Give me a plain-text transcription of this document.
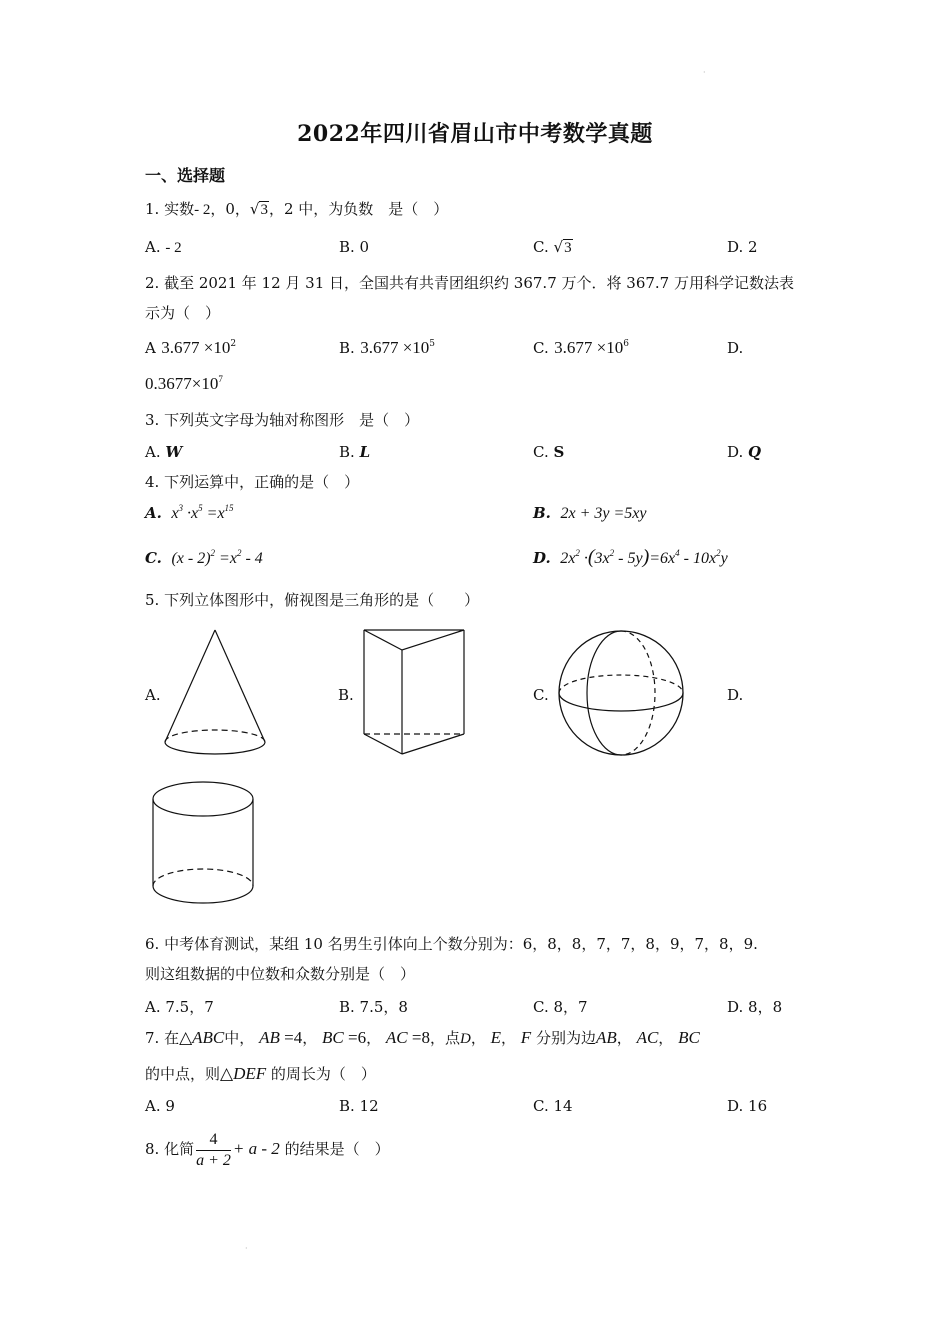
2022年四川省眉山市中考数学真题
一、选择题
1. 实数- 2，0，√3，2 中，为负数　是（　）
A. - 2	B. 0	C. √3	D. 2
2. 截至 2021 年 12 月 31 日，全国共有共青团组织约 367.7 万个．将 367.7 万用科学记数法表
示为（　）
A $3.677 \times 10^2$	B. $3.677 \times 10^5$	C. $3.677 \times 10^6$	D.
$0.3677\times 10^7$
3. 下列英文字母为轴对称图形　是（　）
A. W	B. L	C. S	D. Q
4. 下列运算中，正确的是（　）
A. $x^3 \cdot x^5 =x^{15}$	B. 2x + 3y =5xy
C. $(x - 2)^2 =x^2 - 4$	D. $2x^2 \cdot(3x^2 - 5y)=6x^4 - 10x^2y$
5. 下列立体图形中，俯视图是三角形的是（　　）
A.	B.	C.	D.
6. 中考体育测试，某组 10 名男生引体向上个数分别为：6，8，8，7，7，8，9，7，8，9.
则这组数据的中位数和众数分别是（　）
A. 7.5，7	B. 7.5，8	C. 8，7	D. 8，8
7. 在△ABC中， AB =4， BC =6， AC =8，点D， E， F 分别为边AB， AC， BC
的中点，则△DEF 的周长为（　）
A. 9	B. 12	C. 14	D. 16
8. 化简 $\frac{4}{a + 2} + a - 2$ 的结果是（　）
·
·
